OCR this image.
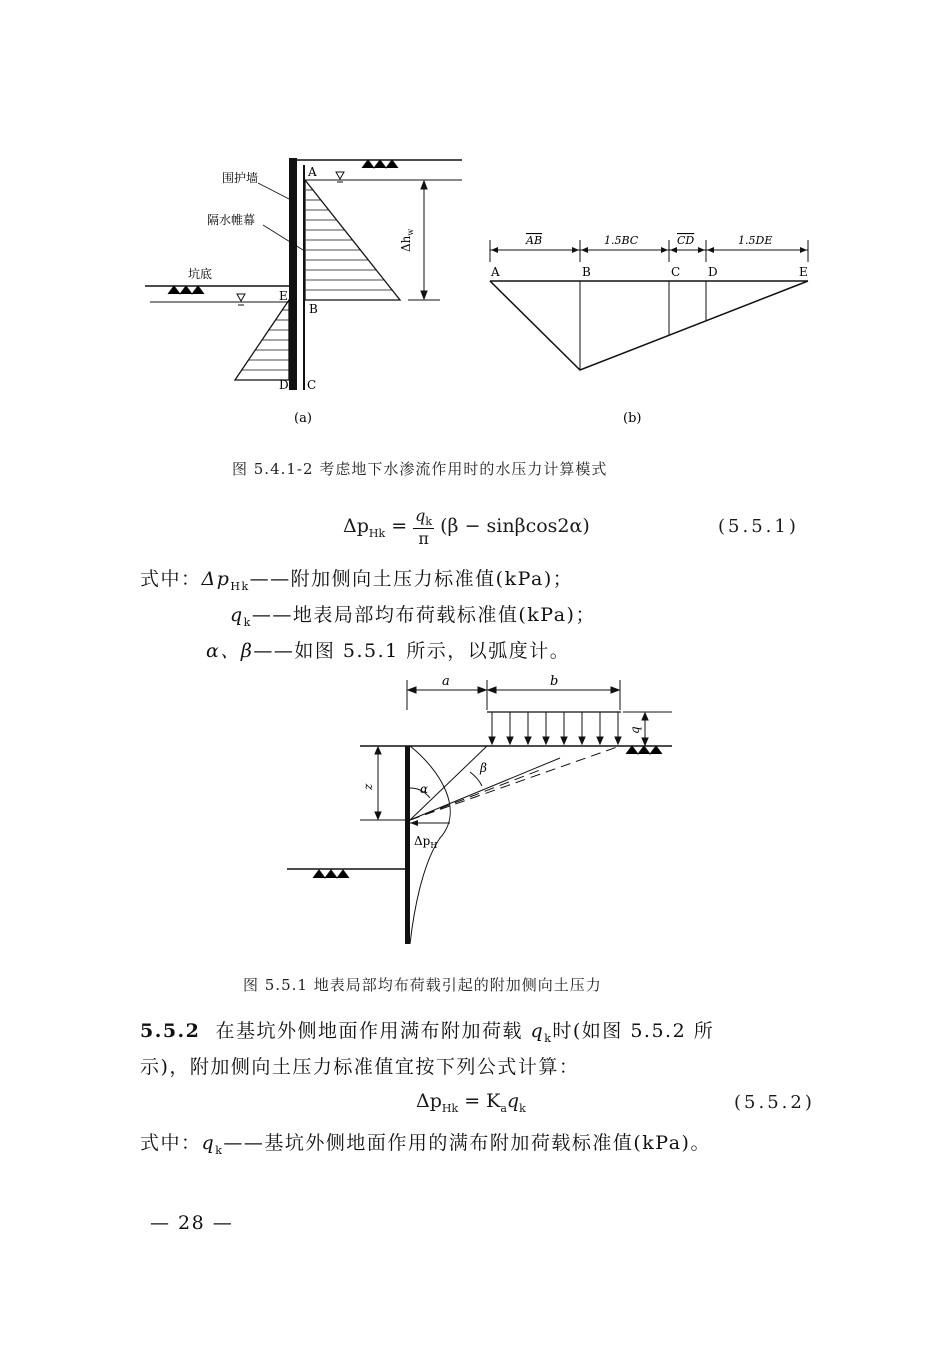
$\Delta h_w$
A
B
C
D
E
围护墙
隔水帷幕
坑底
(a)
AB	1.5BC	CD	1.5DE
A	B	C D	E
(b)
图 5.4.1-2 考虑地下水渗流作用时的水压力计算模式
$\Delta p_{Hk} = \frac{q_k}{\pi} (\beta - \sin\beta\cos 2\alpha)$	(5.5.1)
式中：$\Delta p_{Hk}——$附加侧向土压力标准值(kPa)；
$q_k——$地表局部均布荷载标准值(kPa)；
α、β——如图 5.5.1 所示，以弧度计。
a	b
q
z	α
β
$\Delta p_H$
图 5.5.1 地表局部均布荷载引起的附加侧向土压力
5.5.2 在基坑外侧地面作用满布附加荷载 $q_k$时(如图 5.5.2 所
示)，附加侧向土压力标准值宜按下列公式计算：
$\Delta p_{Hk} = K_aq_k$	(5.5.2)
式中：$q_k——$基坑外侧地面作用的满布附加荷载标准值(kPa)。
— 28 —
